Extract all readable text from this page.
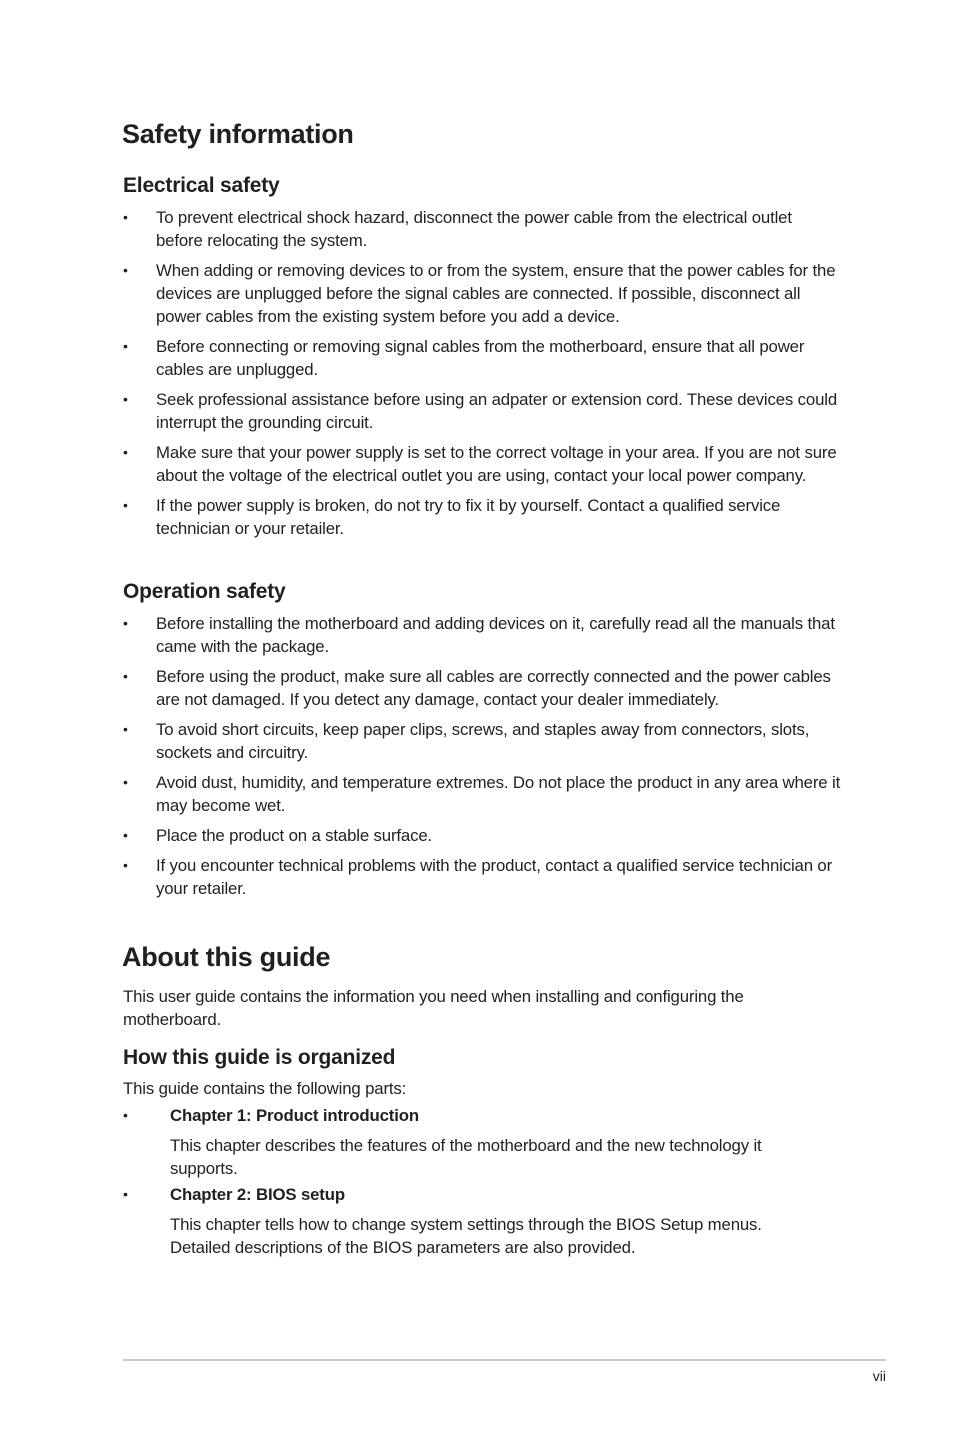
Safety information
Electrical safety
•	To prevent electrical shock hazard, disconnect the power cable from the electrical outlet before relocating the system.
•	When adding or removing devices to or from the system, ensure that the power cables for the devices are unplugged before the signal cables are connected. If possible, disconnect all power cables from the existing system before you add a device.
•	Before connecting or removing signal cables from the motherboard, ensure that all power cables are unplugged.
•	Seek professional assistance before using an adpater or extension cord. These devices could interrupt the grounding circuit.
•	Make sure that your power supply is set to the correct voltage in your area. If you are not sure about the voltage of the electrical outlet you are using, contact your local power company.
•	If the power supply is broken, do not try to fix it by yourself. Contact a qualified service technician or your retailer.
Operation safety
•	Before installing the motherboard and adding devices on it, carefully read all the manuals that came with the package.
•	Before using the product, make sure all cables are correctly connected and the power cables are not damaged. If you detect any damage, contact your dealer immediately.
•	To avoid short circuits, keep paper clips, screws, and staples away from connectors, slots, sockets and circuitry.
•	Avoid dust, humidity, and temperature extremes. Do not place the product in any area where it may become wet.
•	Place the product on a stable surface.
•	If you encounter technical problems with the product, contact a qualified service technician or your retailer.
About this guide

This user guide contains the information you need when installing and configuring the motherboard.

How this guide is organized

This guide contains the following parts:

•	Chapter 1: Product introduction
This chapter describes the features of the motherboard and the new technology it supports.
•	Chapter 2: BIOS setup
This chapter tells how to change system settings through the BIOS Setup menus. Detailed descriptions of the BIOS parameters are also provided.
vii
